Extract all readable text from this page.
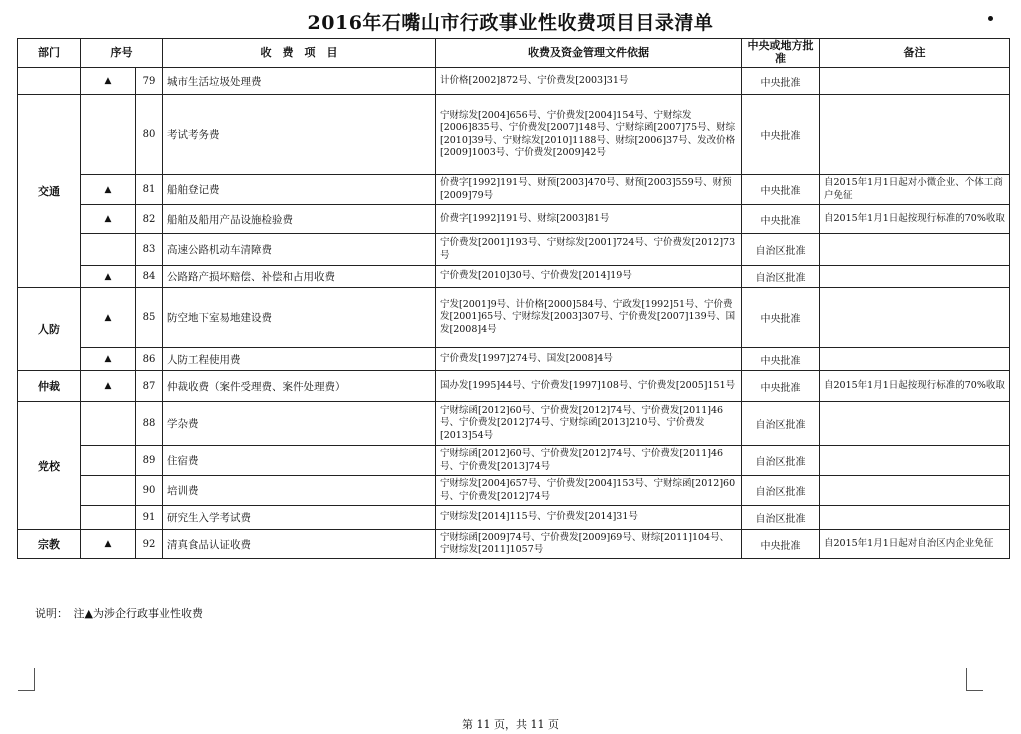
2016年石嘴山市行政事业性收费项目目录清单
部门	序号		收　费　项　目	收费及资金管理文件依据	中央或地方批准	备注
	▲	79	城市生活垃圾处理费	计价格[2002]872号、宁价费发[2003]31号	中央批准	
交通		80	考试考务费	宁财综发[2004]656号、宁价费发[2004]154号、宁财综发[2006]835号、宁价费发[2007]148号、宁财综函[2007]75号、财综[2010]39号、宁财综发[2010]1188号、财综[2006]37号、发改价格[2009]1003号、宁价费发[2009]42号	中央批准	
	▲	81	船舶登记费	价费字[1992]191号、财预[2003]470号、财预[2003]559号、财预[2009]79号	中央批准	自2015年1月1日起对小微企业、个体工商户免征
	▲	82	船舶及船用产品设施检验费	价费字[1992]191号、财综[2003]81号	中央批准	自2015年1月1日起按现行标准的70%收取
		83	高速公路机动车清障费	宁价费发[2001]193号、宁财综发[2001]724号、宁价费发[2012]73号	自治区批准	
	▲	84	公路路产损坏赔偿、补偿和占用收费	宁价费发[2010]30号、宁价费发[2014]19号	自治区批准	
人防	▲	85	防空地下室易地建设费	宁发[2001]9号、计价格[2000]584号、宁政发[1992]51号、宁价费发[2001]65号、宁财综发[2003]307号、宁价费发[2007]139号、国发[2008]4号	中央批准	
	▲	86	人防工程使用费	宁价费发[1997]274号、国发[2008]4号	中央批准	
仲裁	▲	87	仲裁收费（案件受理费、案件处理费）	国办发[1995]44号、宁价费发[1997]108号、宁价费发[2005]151号	中央批准	自2015年1月1日起按现行标准的70%收取
党校		88	学杂费	宁财综函[2012]60号、宁价费发[2012]74号、宁价费发[2011]46号、宁价费发[2012]74号、宁财综函[2013]210号、宁价费发[2013]54号	自治区批准	
		89	住宿费	宁财综函[2012]60号、宁价费发[2012]74号、宁价费发[2011]46号、宁价费发[2013]74号	自治区批准	
		90	培训费	宁财综发[2004]657号、宁价费发[2004]153号、宁财综函[2012]60号、宁价费发[2012]74号	自治区批准	
		91	研究生入学考试费	宁财综发[2014]115号、宁价费发[2014]31号	自治区批准	
宗教	▲	92	清真食品认证收费	宁财综函[2009]74号、宁价费发[2009]69号、财综[2011]104号、宁财综发[2011]1057号	中央批准	自2015年1月1日起对自治区内企业免征
说明：　注▲为涉企行政事业性收费
第 11 页，共 11 页
